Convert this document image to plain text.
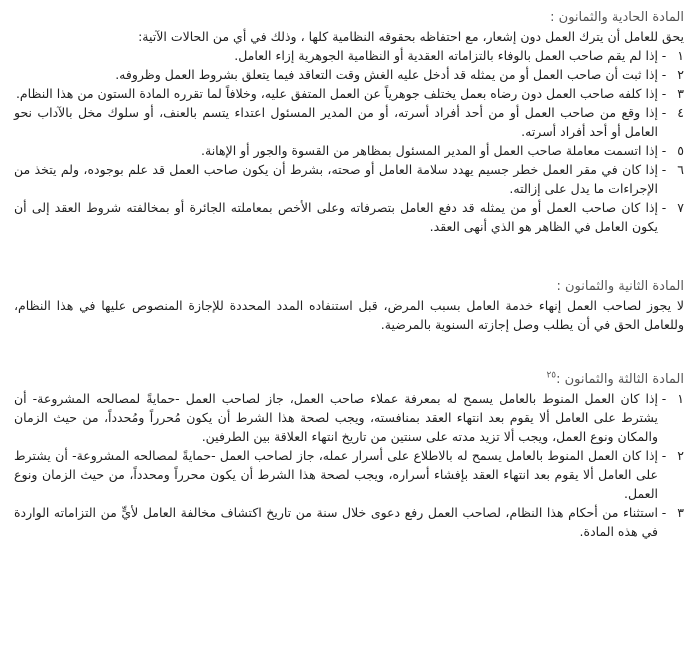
المادة الحادية والثمانون :

يحق للعامل أن يترك العمل دون إشعار، مع احتفاظه بحقوقه النظامية كلها ، وذلك في أي من الحالات الآتية:

١
-
إذا لم يقم صاحب العمل بالوفاء بالتزاماته العقدية أو النظامية الجوهرية إزاء العامل.
٢
-
إذا ثبت أن صاحب العمل أو من يمثله قد أدخل عليه الغش وقت التعاقد فيما يتعلق بشروط العمل وظروفه.
٣
-
إذا كلفه صاحب العمل دون رضاه بعمل يختلف جوهرياً عن العمل المتفق عليه، وخلافاً لما تقرره المادة الستون من هذا النظام.
٤
-
إذا وقع من صاحب العمل أو من أحد أفراد أسرته، أو من المدير المسئول اعتداء يتسم بالعنف، أو سلوك مخل بالآداب نحو العامل أو أحد أفراد أسرته.
٥
-
إذا اتسمت معاملة صاحب العمل أو المدير المسئول بمظاهر من القسوة والجور أو الإهانة.
٦
-
إذا كان في مقر العمل خطر جسيم يهدد سلامة العامل أو صحته، بشرط أن يكون صاحب العمل قد علم بوجوده، ولم يتخذ من الإجراءات ما يدل على إزالته.
٧
-
إذا كان صاحب العمل أو من يمثله قد دفع العامل بتصرفاته وعلى الأخص بمعاملته الجائرة أو بمخالفته شروط العقد إلى أن يكون العامل في الظاهر هو الذي أنهى العقد.

المادة الثانية والثمانون :

لا يجوز لصاحب العمل إنهاء خدمة العامل بسبب المرض، قبل استنفاده المدد المحددة للإجازة المنصوص عليها في هذا النظام، وللعامل الحق في أن يطلب وصل إجازته السنوية بالمرضية.

المادة الثالثة والثمانون :$^{٢٥}$

١
-
إذا كان العمل المنوط بالعامل يسمح له بمعرفة عملاء صاحب العمل، جاز لصاحب العمل -حمايةً لمصالحه المشروعة- أن يشترط على العامل ألا يقوم بعد انتهاء العقد بمنافسته، ويجب لصحة هذا الشرط أن يكون مُحرراً ومُحدداً، من حيث الزمان والمكان ونوع العمل، ويجب ألا تزيد مدته على سنتين من تاريخ انتهاء العلاقة بين الطرفين.
٢
-
إذا كان العمل المنوط بالعامل يسمح له بالاطلاع على أسرار عمله، جاز لصاحب العمل -حمايةً لمصالحه المشروعة- أن يشترط على العامل ألا يقوم بعد انتهاء العقد بإفشاء أسراره، ويجب لصحة هذا الشرط أن يكون محرراً ومحدداً، من حيث الزمان ونوع العمل.
٣
-
استثناء من أحكام هذا النظام، لصاحب العمل رفع دعوى خلال سنة من تاريخ اكتشاف مخالفة العامل لأيٍّ من التزاماته الواردة في هذه المادة.
